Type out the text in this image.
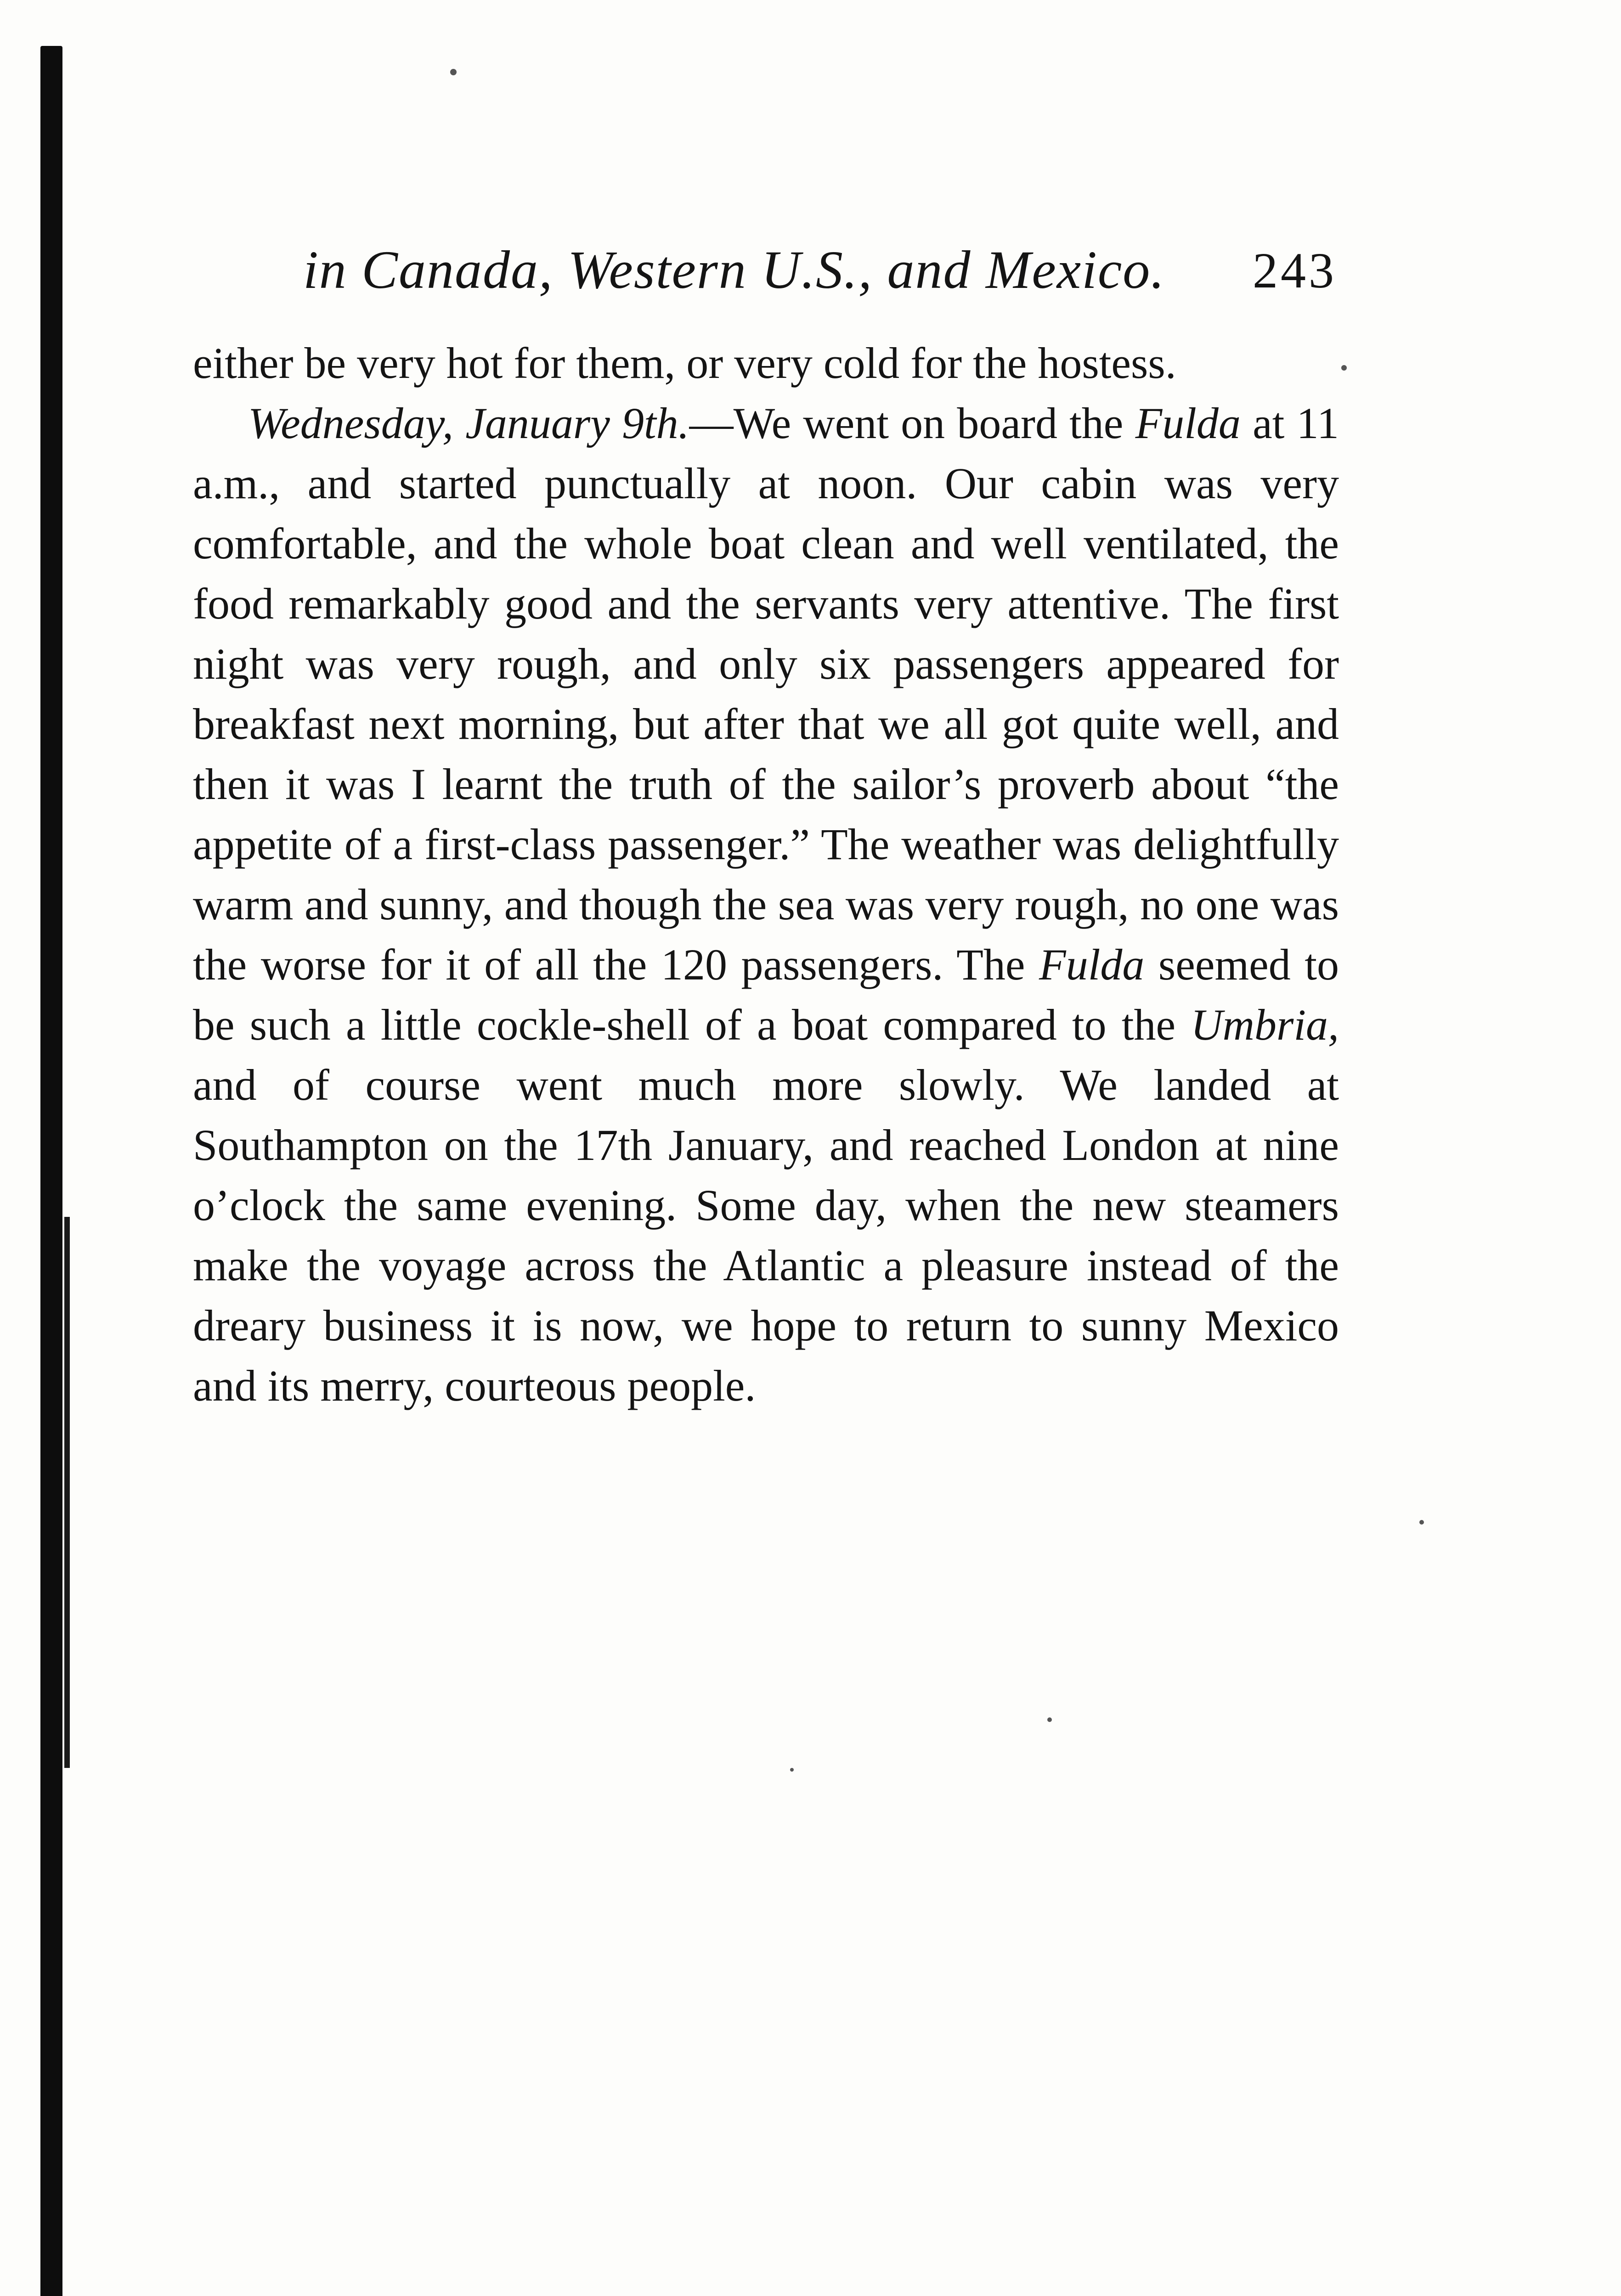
in Canada, Western U.S., and Mexico. 243

either be very hot for them, or very cold for the hostess.

Wednesday, January 9th.—We went on board the Fulda at 11 a.m., and started punctually at noon. Our cabin was very comfortable, and the whole boat clean and well ventilated, the food remarkably good and the servants very attentive. The first night was very rough, and only six passengers appeared for breakfast next morning, but after that we all got quite well, and then it was I learnt the truth of the sailor’s proverb about “the appetite of a first-class passenger.” The weather was delightfully warm and sunny, and though the sea was very rough, no one was the worse for it of all the 120 passengers. The Fulda seemed to be such a little cockle-shell of a boat compared to the Umbria, and of course went much more slowly. We landed at Southampton on the 17th January, and reached London at nine o’clock the same evening. Some day, when the new steamers make the voyage across the Atlantic a pleasure instead of the dreary business it is now, we hope to return to sunny Mexico and its merry, courteous people.
